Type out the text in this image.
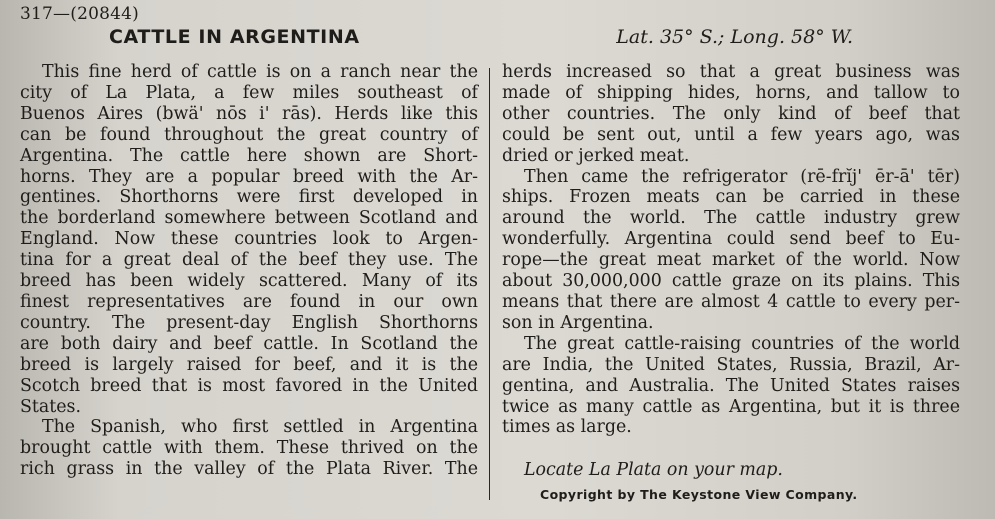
317—(20844)
CATTLE IN ARGENTINA	Lat. 35° S.; Long. 58° W.
This fine herd of cattle is on a ranch near the
city of La Plata, a few miles southeast of
Buenos Aires (bwä' nōs i' rās). Herds like this
can be found throughout the great country of
Argentina. The cattle here shown are Short-
horns. They are a popular breed with the Ar-
gentines. Shorthorns were first developed in
the borderland somewhere between Scotland and
England. Now these countries look to Argen-
tina for a great deal of the beef they use. The
breed has been widely scattered. Many of its
finest representatives are found in our own
country. The present-day English Shorthorns
are both dairy and beef cattle. In Scotland the
breed is largely raised for beef, and it is the
Scotch breed that is most favored in the United
States.
The Spanish, who first settled in Argentina
brought cattle with them. These thrived on the
rich grass in the valley of the Plata River. The
herds increased so that a great business was
made of shipping hides, horns, and tallow to
other countries. The only kind of beef that
could be sent out, until a few years ago, was
dried or jerked meat.
Then came the refrigerator (rē-frĭj' ēr-ā' tēr)
ships. Frozen meats can be carried in these
around the world. The cattle industry grew
wonderfully. Argentina could send beef to Eu-
rope—the great meat market of the world. Now
about 30,000,000 cattle graze on its plains. This
means that there are almost 4 cattle to every per-
son in Argentina.
The great cattle-raising countries of the world
are India, the United States, Russia, Brazil, Ar-
gentina, and Australia. The United States raises
twice as many cattle as Argentina, but it is three
times as large.
Locate La Plata on your map.
Copyright by The Keystone View Company.
